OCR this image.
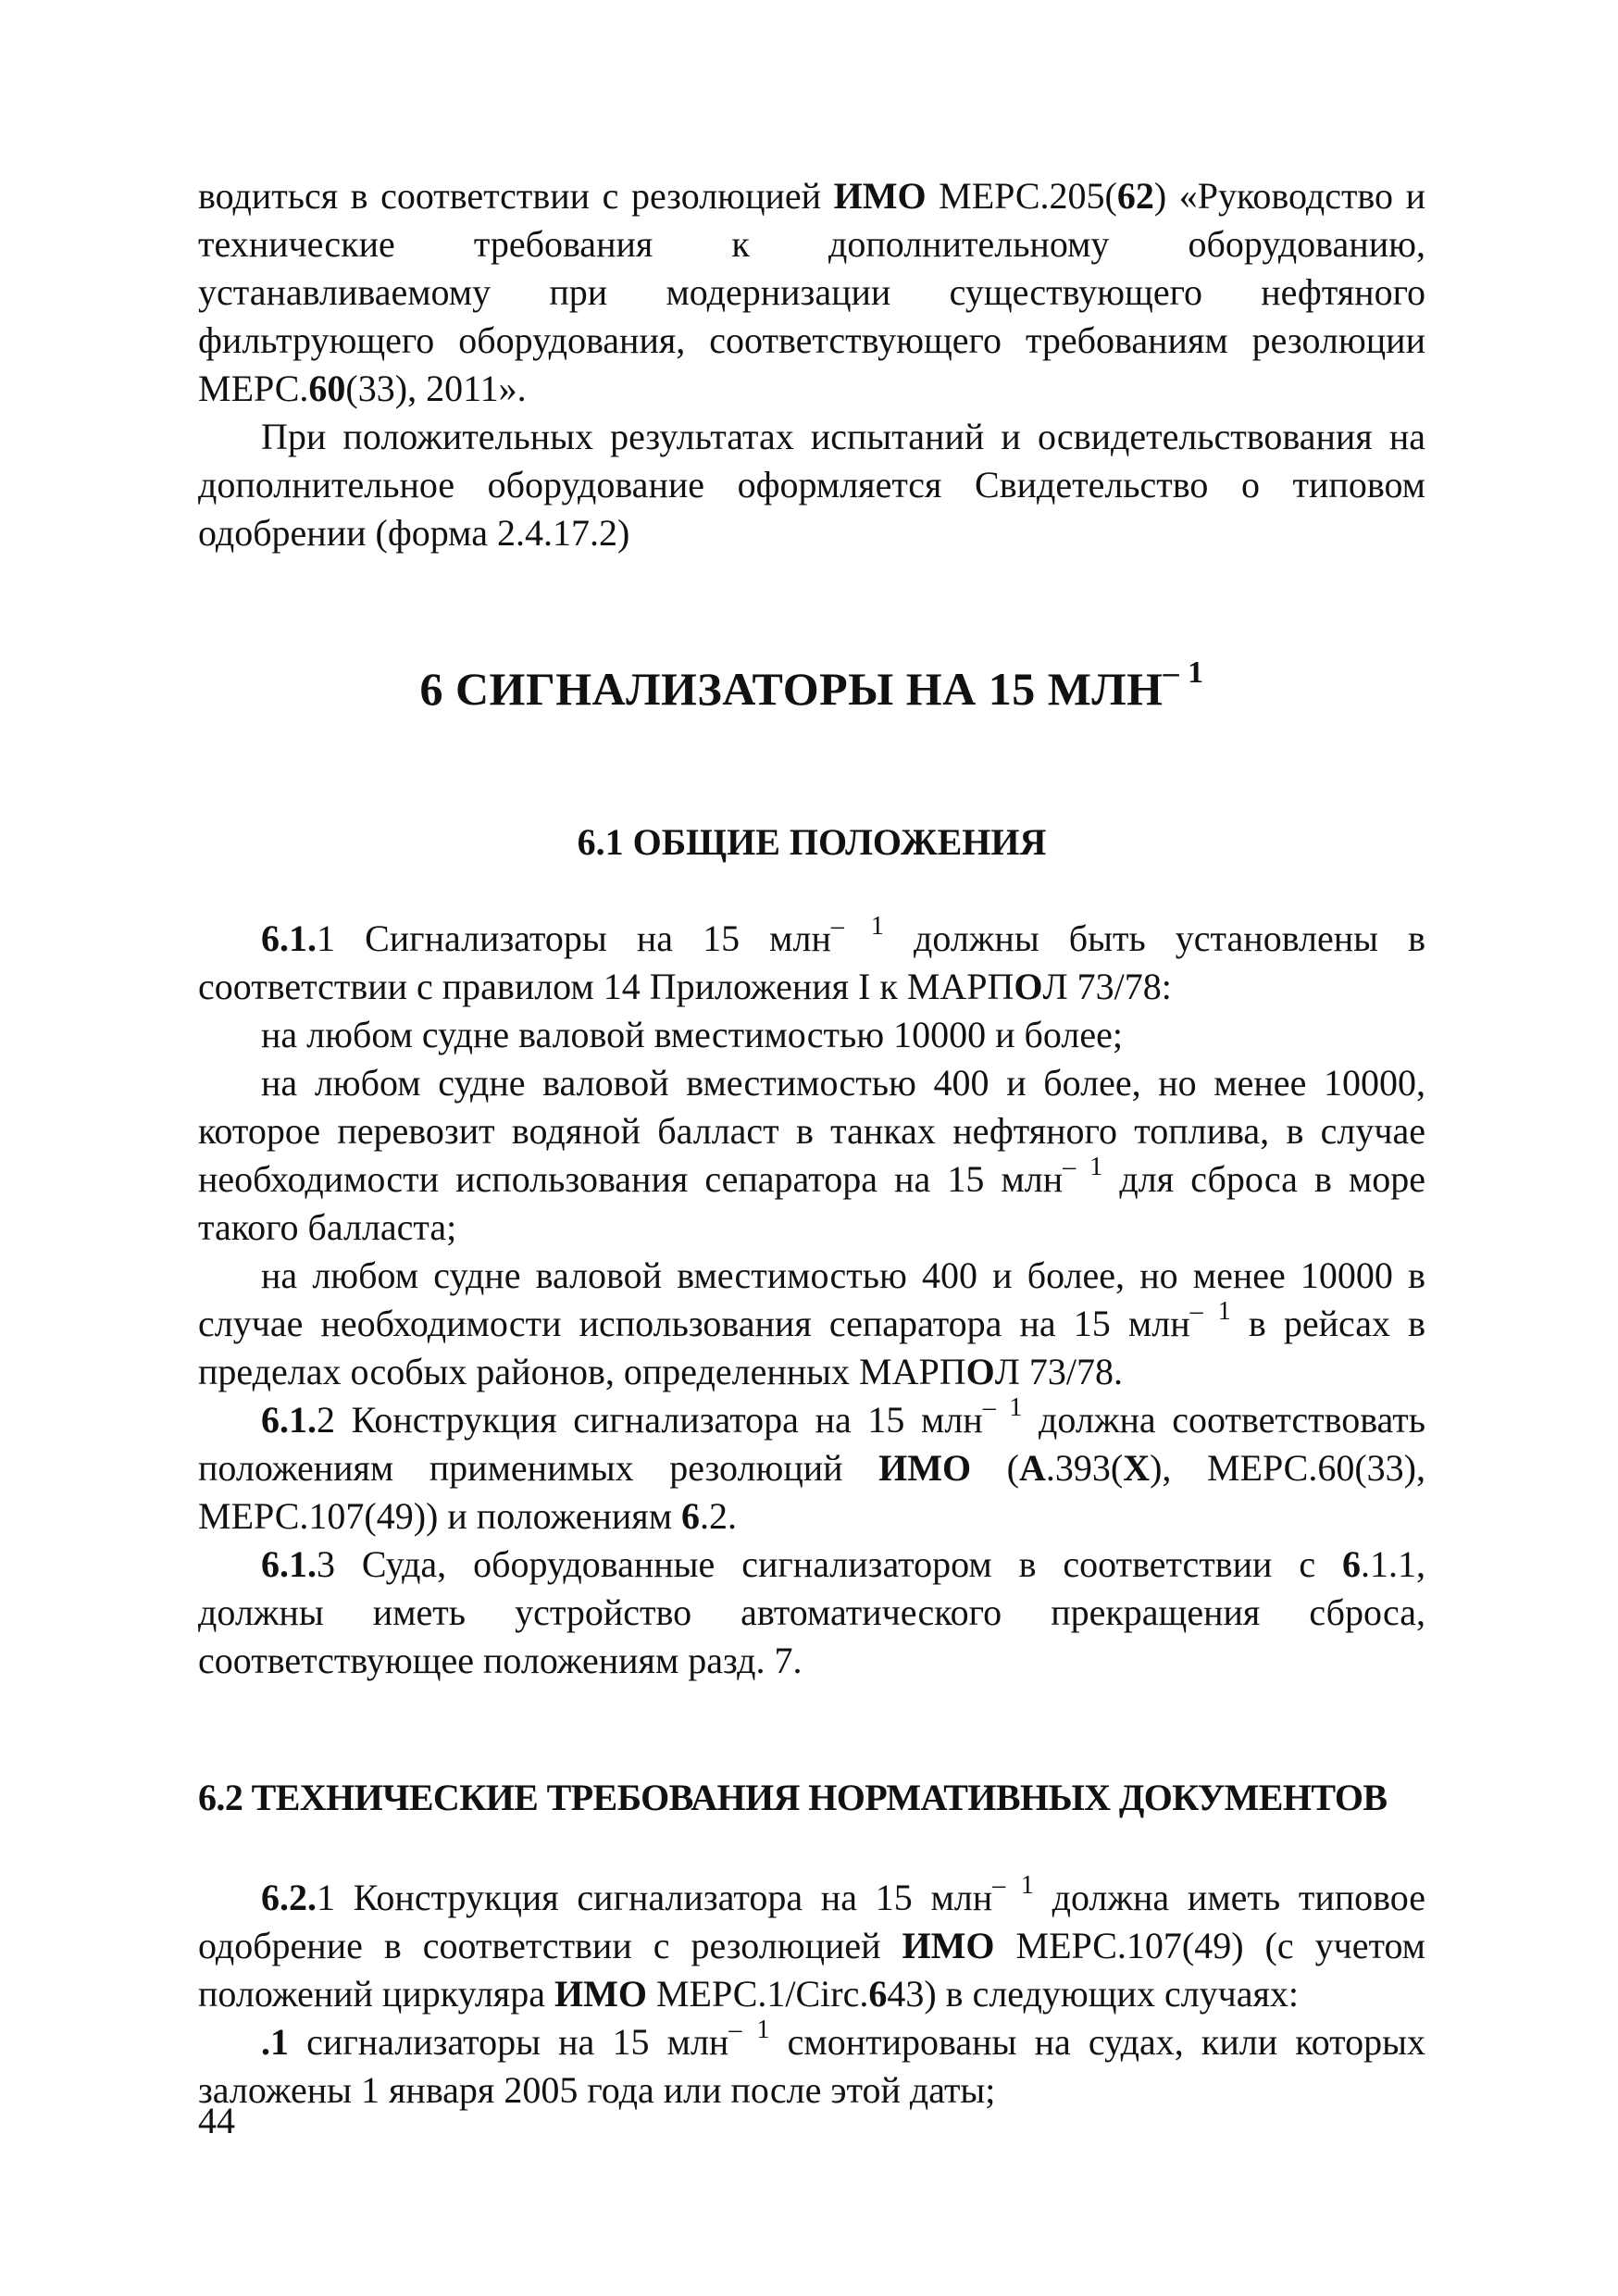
водиться в соответствии с резолюцией ИМО МЕРС.205(62) «Руководство и технические требования к дополнительному оборудованию, устанавливаемому при модернизации существующего нефтяного фильтрующего оборудования, соответствующего требованиям резолюции МЕРС.60(33), 2011».

При положительных результатах испытаний и освидетельствования на дополнительное оборудование оформляется Свидетельство о типовом одобрении (форма 2.4.17.2)

6 СИГНАЛИЗАТОРЫ НА 15 $МЛН^{- 1}$
6.1 ОБЩИЕ ПОЛОЖЕНИЯ

6.1.1 Сигнализаторы на 15 млн$^{- 1}$ должны быть установлены в соответствии с правилом 14 Приложения I к МАРПОЛ 73/78:

на любом судне валовой вместимостью 10000 и более;

на любом судне валовой вместимостью 400 и более, но менее 10000, которое перевозит водяной балласт в танках нефтяного топлива, в случае необходимости использования сепаратора на 15 млн$^{- 1}$ для сброса в море такого балласта;

на любом судне валовой вместимостью 400 и более, но менее 10000 в случае необходимости использования сепаратора на 15 млн$^{- 1}$ в рейсах в пределах особых районов, определенных МАРПОЛ 73/78.

6.1.2 Конструкция сигнализатора на 15 млн$^{- 1}$ должна соответствовать положениям применимых резолюций ИМО (А.393(Х), МЕРС.60(33), МЕРС.107(49)) и положениям 6.2.

6.1.3 Суда, оборудованные сигнализатором в соответствии с 6.1.1, должны иметь устройство автоматического прекращения сброса, соответствующее положениям разд. 7.

6.2 ТЕХНИЧЕСКИЕ ТРЕБОВАНИЯ НОРМАТИВНЫХ ДОКУМЕНТОВ

6.2.1 Конструкция сигнализатора на 15 млн$^{- 1}$ должна иметь типовое одобрение в соответствии с резолюцией ИМО МЕРС.107(49) (с учетом положений циркуляра ИМО МЕРС.1/Circ.643) в следующих случаях:

.1 сигнализаторы на 15 млн$^{- 1}$ смонтированы на судах, кили которых заложены 1 января 2005 года или после этой даты;

44
